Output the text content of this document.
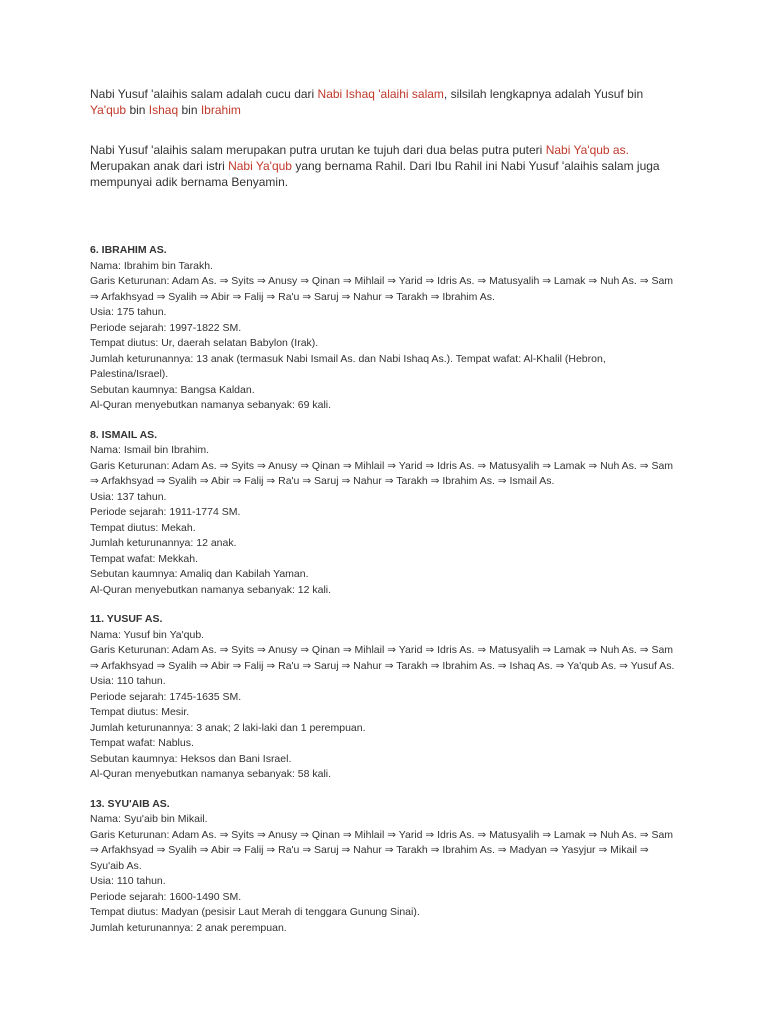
Nabi Yusuf 'alaihis salam adalah cucu dari Nabi Ishaq 'alaihi salam, silsilah lengkapnya adalah Yusuf bin Ya'qub bin Ishaq bin Ibrahim

Nabi Yusuf 'alaihis salam merupakan putra urutan ke tujuh dari dua belas putra puteri Nabi Ya'qub as. Merupakan anak dari istri Nabi Ya'qub yang bernama Rahil. Dari Ibu Rahil ini Nabi Yusuf 'alaihis salam juga mempunyai adik bernama Benyamin.

6. IBRAHIM AS.
Nama: Ibrahim bin Tarakh.
Garis Keturunan: Adam As. ⇒ Syits ⇒ Anusy ⇒ Qinan ⇒ Mihlail ⇒ Yarid ⇒ Idris As. ⇒ Matusyalih ⇒ Lamak ⇒ Nuh As. ⇒ Sam ⇒ Arfakhsyad ⇒ Syalih ⇒ Abir ⇒ Falij ⇒ Ra'u ⇒ Saruj ⇒ Nahur ⇒ Tarakh ⇒ Ibrahim As.
Usia: 175 tahun.
Periode sejarah: 1997-1822 SM.
Tempat diutus: Ur, daerah selatan Babylon (Irak).
Jumlah keturunannya: 13 anak (termasuk Nabi Ismail As. dan Nabi Ishaq As.). Tempat wafat: Al-Khalil (Hebron, Palestina/Israel).
Sebutan kaumnya: Bangsa Kaldan.
Al-Quran menyebutkan namanya sebanyak: 69 kali.
8. ISMAIL AS.
Nama: Ismail bin Ibrahim.
Garis Keturunan: Adam As. ⇒ Syits ⇒ Anusy ⇒ Qinan ⇒ Mihlail ⇒ Yarid ⇒ Idris As. ⇒ Matusyalih ⇒ Lamak ⇒ Nuh As. ⇒ Sam ⇒ Arfakhsyad ⇒ Syalih ⇒ Abir ⇒ Falij ⇒ Ra'u ⇒ Saruj ⇒ Nahur ⇒ Tarakh ⇒ Ibrahim As. ⇒ Ismail As.
Usia: 137 tahun.
Periode sejarah: 1911-1774 SM.
Tempat diutus: Mekah.
Jumlah keturunannya: 12 anak.
Tempat wafat: Mekkah.
Sebutan kaumnya: Amaliq dan Kabilah Yaman.
Al-Quran menyebutkan namanya sebanyak: 12 kali.
11. YUSUF AS.
Nama: Yusuf bin Ya'qub.
Garis Keturunan: Adam As. ⇒ Syits ⇒ Anusy ⇒ Qinan ⇒ Mihlail ⇒ Yarid ⇒ Idris As. ⇒ Matusyalih ⇒ Lamak ⇒ Nuh As. ⇒ Sam ⇒ Arfakhsyad ⇒ Syalih ⇒ Abir ⇒ Falij ⇒ Ra'u ⇒ Saruj ⇒ Nahur ⇒ Tarakh ⇒ Ibrahim As. ⇒ Ishaq As. ⇒ Ya'qub As. ⇒ Yusuf As.
Usia: 110 tahun.
Periode sejarah: 1745-1635 SM.
Tempat diutus: Mesir.
Jumlah keturunannya: 3 anak; 2 laki-laki dan 1 perempuan.
Tempat wafat: Nablus.
Sebutan kaumnya: Heksos dan Bani Israel.
Al-Quran menyebutkan namanya sebanyak: 58 kali.
13. SYU'AIB AS.
Nama: Syu'aib bin Mikail.
Garis Keturunan: Adam As. ⇒ Syits ⇒ Anusy ⇒ Qinan ⇒ Mihlail ⇒ Yarid ⇒ Idris As. ⇒ Matusyalih ⇒ Lamak ⇒ Nuh As. ⇒ Sam ⇒ Arfakhsyad ⇒ Syalih ⇒ Abir ⇒ Falij ⇒ Ra'u ⇒ Saruj ⇒ Nahur ⇒ Tarakh ⇒ Ibrahim As. ⇒ Madyan ⇒ Yasyjur ⇒ Mikail ⇒ Syu'aib As.
Usia: 110 tahun.
Periode sejarah: 1600-1490 SM.
Tempat diutus: Madyan (pesisir Laut Merah di tenggara Gunung Sinai).
Jumlah keturunannya: 2 anak perempuan.
